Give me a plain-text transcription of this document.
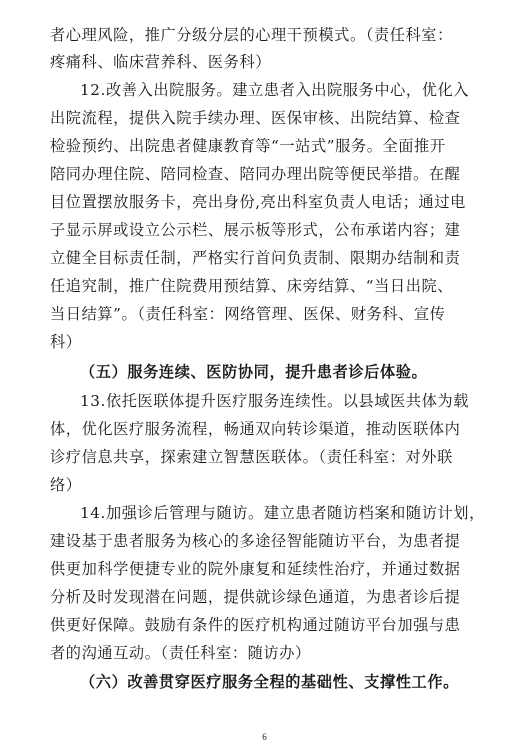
者心理风险，推广分级分层的心理干预模式。（责任科室：
疼痛科、临床营养科、医务科）
12.改善入出院服务。建立患者入出院服务中心，优化入
出院流程，提供入院手续办理、医保审核、出院结算、检查
检验预约、出院患者健康教育等“一站式”服务。全面推开
陪同办理住院、陪同检查、陪同办理出院等便民举措。在醒
目位置摆放服务卡，亮出身份,亮出科室负责人电话；通过电
子显示屏或设立公示栏、展示板等形式，公布承诺内容；建
立健全目标责任制，严格实行首问负责制、限期办结制和责
任追究制，推广住院费用预结算、床旁结算、“当日出院、
当日结算”。（责任科室：网络管理、医保、财务科、宣传
科）
（五）服务连续、医防协同，提升患者诊后体验。
13.依托医联体提升医疗服务连续性。以县域医共体为载
体，优化医疗服务流程，畅通双向转诊渠道，推动医联体内
诊疗信息共享，探索建立智慧医联体。（责任科室：对外联
络）
14.加强诊后管理与随访。建立患者随访档案和随访计划，
建设基于患者服务为核心的多途径智能随访平台，为患者提
供更加科学便捷专业的院外康复和延续性治疗，并通过数据
分析及时发现潜在问题，提供就诊绿色通道，为患者诊后提
供更好保障。鼓励有条件的医疗机构通过随访平台加强与患
者的沟通互动。（责任科室：随访办）
（六）改善贯穿医疗服务全程的基础性、支撑性工作。
6
